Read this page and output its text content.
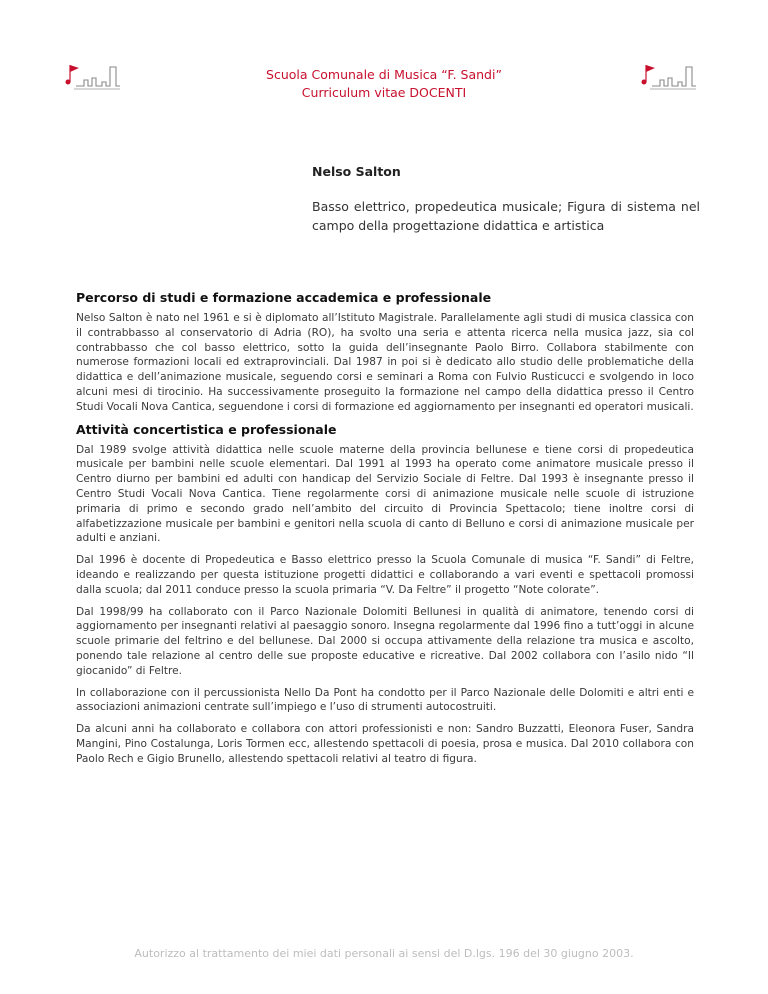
Scuola Comunale di Musica “F. Sandi”
Curriculum vitae DOCENTI
Nelso Salton
Basso elettrico, propedeutica musicale; Figura di sistema nel campo della progettazione didattica e artistica
Percorso di studi e formazione accademica e professionale

Nelso Salton è nato nel 1961 e si è diplomato all’Istituto Magistrale. Parallelamente agli studi di musica classica con il contrabbasso al conservatorio di Adria (RO), ha svolto una seria e attenta ricerca nella musica jazz, sia col contrabbasso che col basso elettrico, sotto la guida dell’insegnante Paolo Birro. Collabora stabilmente con numerose formazioni locali ed extraprovinciali. Dal 1987 in poi si è dedicato allo studio delle problematiche della didattica e dell’animazione musicale, seguendo corsi e seminari a Roma con Fulvio Rusticucci e svolgendo in loco alcuni mesi di tirocinio. Ha successivamente proseguito la formazione nel campo della didattica presso il Centro Studi Vocali Nova Cantica, seguendone i corsi di formazione ed aggiornamento per insegnanti ed operatori musicali.

Attività concertistica e professionale

Dal 1989 svolge attività didattica nelle scuole materne della provincia bellunese e tiene corsi di propedeutica musicale per bambini nelle scuole elementari. Dal 1991 al 1993 ha operato come animatore musicale presso il Centro diurno per bambini ed adulti con handicap del Servizio Sociale di Feltre. Dal 1993 è insegnante presso il Centro Studi Vocali Nova Cantica. Tiene regolarmente corsi di animazione musicale nelle scuole di istruzione primaria di primo e secondo grado nell’ambito del circuito di Provincia Spettacolo; tiene inoltre corsi di alfabetizzazione musicale per bambini e genitori nella scuola di canto di Belluno e corsi di animazione musicale per adulti e anziani.

Dal 1996 è docente di Propedeutica e Basso elettrico presso la Scuola Comunale di musica “F. Sandi” di Feltre, ideando e realizzando per questa istituzione progetti didattici e collaborando a vari eventi e spettacoli promossi dalla scuola; dal 2011 conduce presso la scuola primaria “V. Da Feltre” il progetto “Note colorate”.

Dal 1998/99 ha collaborato con il Parco Nazionale Dolomiti Bellunesi in qualità di animatore, tenendo corsi di aggiornamento per insegnanti relativi al paesaggio sonoro. Insegna regolarmente dal 1996 fino a tutt’oggi in alcune scuole primarie del feltrino e del bellunese. Dal 2000 si occupa attivamente della relazione tra musica e ascolto, ponendo tale relazione al centro delle sue proposte educative e ricreative. Dal 2002 collabora con l’asilo nido “Il giocanido” di Feltre.

In collaborazione con il percussionista Nello Da Pont ha condotto per il Parco Nazionale delle Dolomiti e altri enti e associazioni animazioni centrate sull’impiego e l’uso di strumenti autocostruiti.

Da alcuni anni ha collaborato e collabora con attori professionisti e non: Sandro Buzzatti, Eleonora Fuser, Sandra Mangini, Pino Costalunga, Loris Tormen ecc, allestendo spettacoli di poesia, prosa e musica. Dal 2010 collabora con Paolo Rech e Gigio Brunello, allestendo spettacoli relativi al teatro di figura.

Autorizzo al trattamento dei miei dati personali ai sensi del D.lgs. 196 del 30 giugno 2003.
